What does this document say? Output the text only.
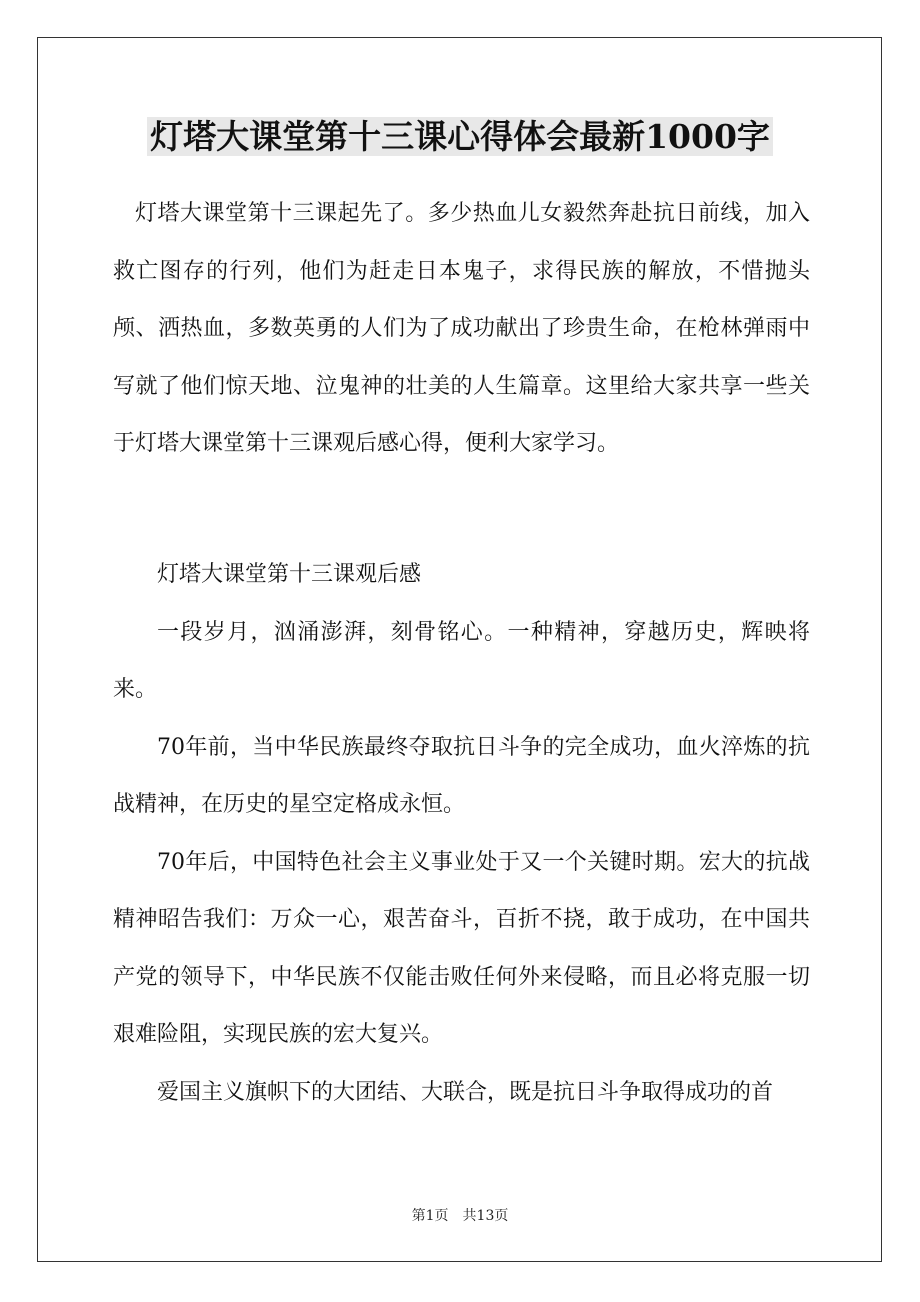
灯塔大课堂第十三课心得体会最新1000字

灯塔大课堂第十三课起先了。多少热血儿女毅然奔赴抗日前线，加入救亡图存的行列，他们为赶走日本鬼子，求得民族的解放，不惜抛头颅、洒热血，多数英勇的人们为了成功献出了珍贵生命，在枪林弹雨中写就了他们惊天地、泣鬼神的壮美的人生篇章。这里给大家共享一些关于灯塔大课堂第十三课观后感心得，便利大家学习。

灯塔大课堂第十三课观后感

一段岁月，汹涌澎湃，刻骨铭心。一种精神，穿越历史，辉映将来。

70年前，当中华民族最终夺取抗日斗争的完全成功，血火淬炼的抗战精神，在历史的星空定格成永恒。

70年后，中国特色社会主义事业处于又一个关键时期。宏大的抗战精神昭告我们：万众一心，艰苦奋斗，百折不挠，敢于成功，在中国共产党的领导下，中华民族不仅能击败任何外来侵略，而且必将克服一切艰难险阻，实现民族的宏大复兴。

爱国主义旗帜下的大团结、大联合，既是抗日斗争取得成功的首

第1页　共13页
